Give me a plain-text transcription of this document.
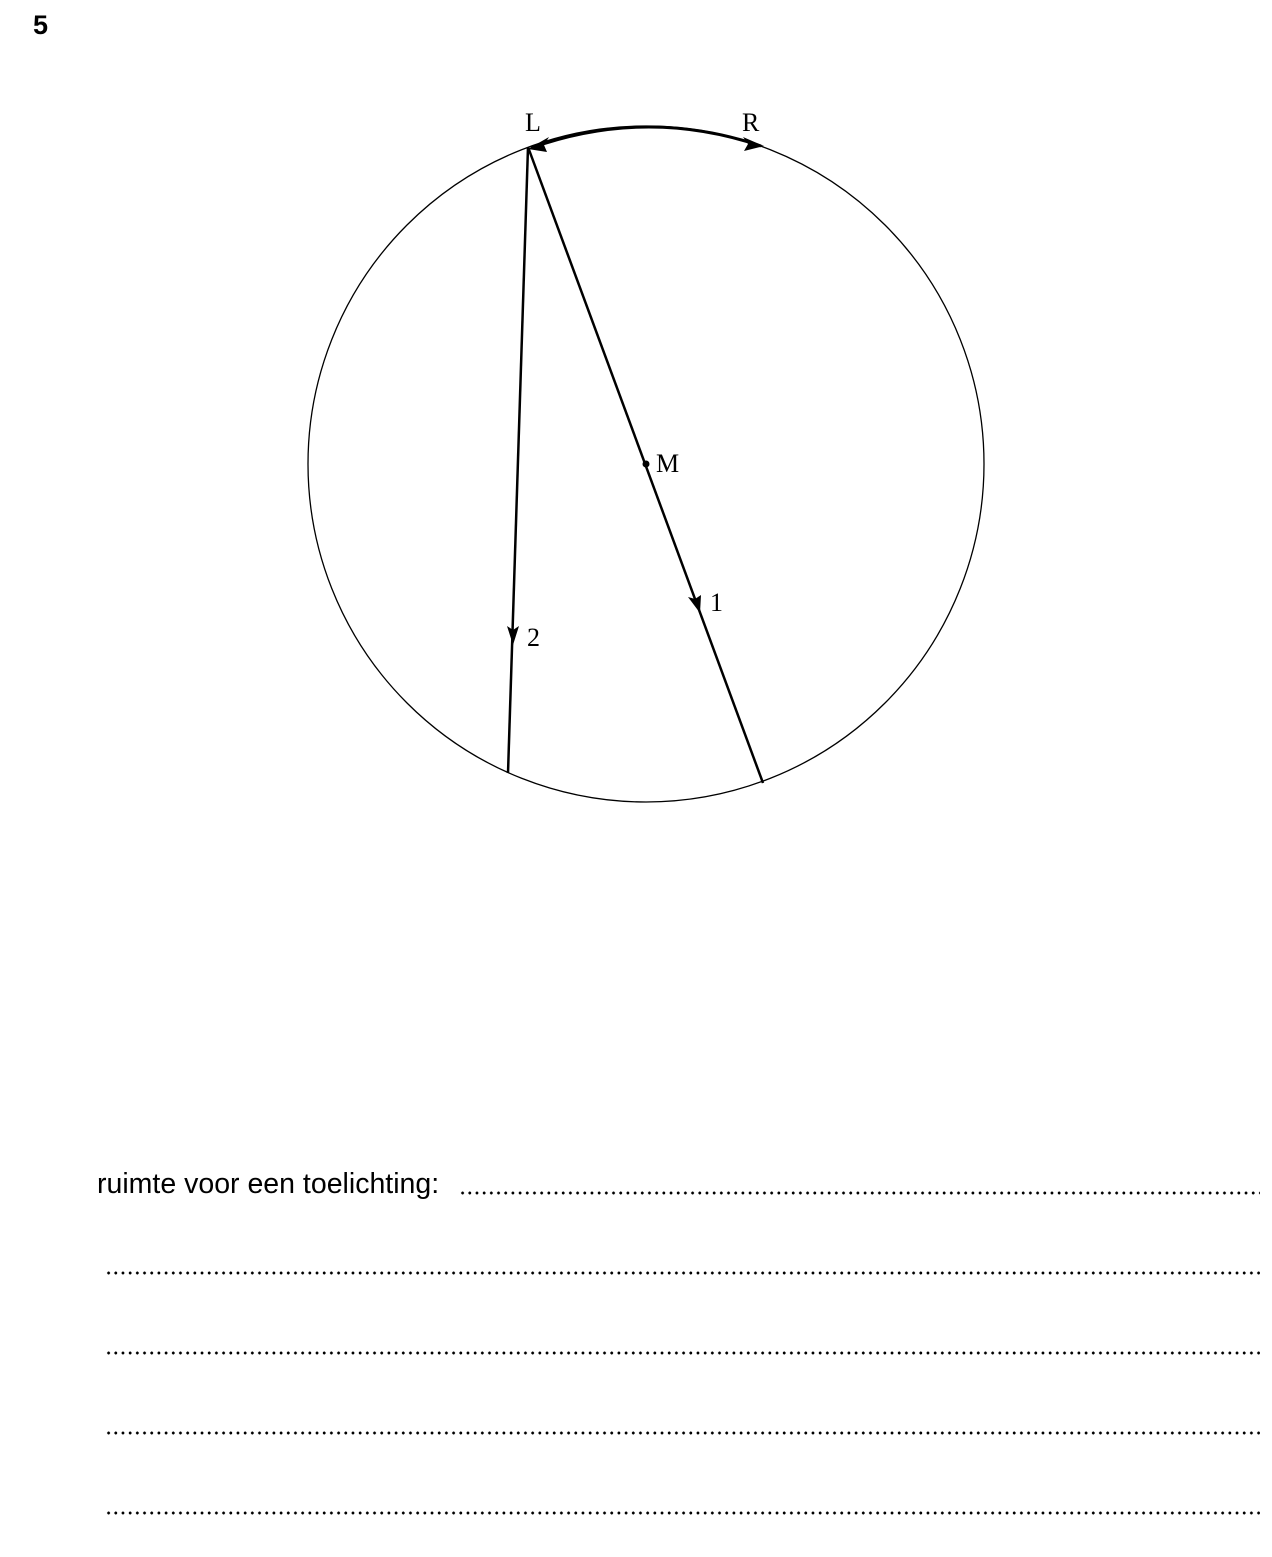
5
L	R
M
1
2
ruimte voor een toelichting:
